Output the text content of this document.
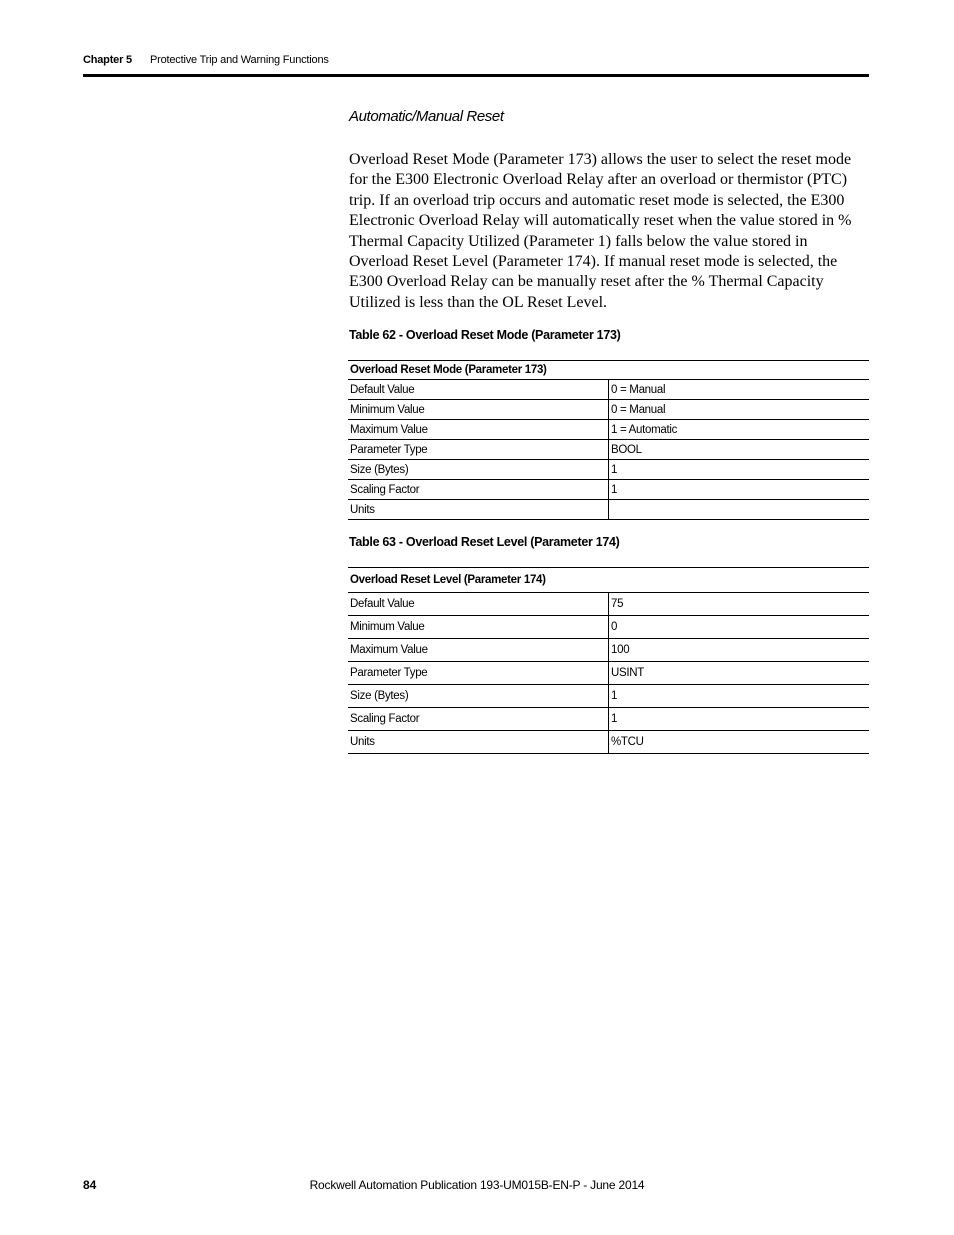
Chapter 5 Protective Trip and Warning Functions
Automatic/Manual Reset

Overload Reset Mode (Parameter 173) allows the user to select the reset mode for the E300 Electronic Overload Relay after an overload or thermistor (PTC) trip. If an overload trip occurs and automatic reset mode is selected, the E300 Electronic Overload Relay will automatically reset when the value stored in % Thermal Capacity Utilized (Parameter 1) falls below the value stored in Overload Reset Level (Parameter 174). If manual reset mode is selected, the E300 Overload Relay can be manually reset after the % Thermal Capacity Utilized is less than the OL Reset Level.

Table 62 - Overload Reset Mode (Parameter 173)
Overload Reset Mode (Parameter 173)	
Default Value	0 = Manual
Minimum Value	0 = Manual
Maximum Value	1 = Automatic
Parameter Type	BOOL
Size (Bytes)	1
Scaling Factor	1
Units	
Table 63 - Overload Reset Level (Parameter 174)
Overload Reset Level (Parameter 174)	
Default Value	75
Minimum Value	0
Maximum Value	100
Parameter Type	USINT
Size (Bytes)	1
Scaling Factor	1
Units	%TCU
84	Rockwell Automation Publication 193-UM015B-EN-P - June 2014
